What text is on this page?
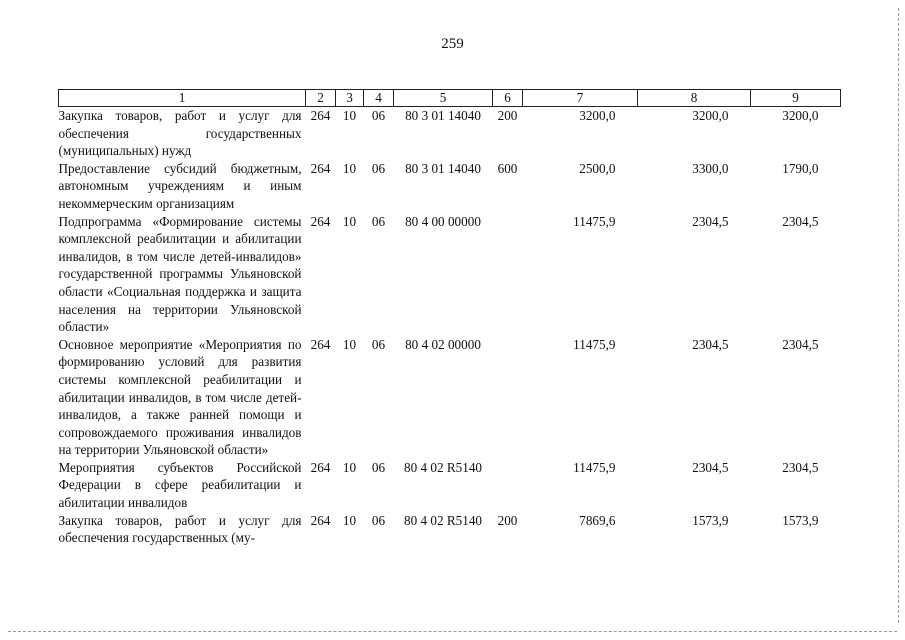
259
1	2	3	4	5	6	7	8	9
Закупка товаров, работ и услуг для обеспечения государственных (муниципальных) нужд	264	10	06	80 3 01 14040	200	3200,0	3200,0	3200,0
Предоставление субсидий бюджетным, автономным учреждениям и иным некоммерческим организациям	264	10	06	80 3 01 14040	600	2500,0	3300,0	1790,0
Подпрограмма «Формирование системы комплексной реабилитации и абилитации инвалидов, в том числе детей-инвалидов» государственной программы Ульяновской области «Социальная поддержка и защита населения на территории Ульяновской области»	264	10	06	80 4 00 00000		11475,9	2304,5	2304,5
Основное мероприятие «Мероприятия по формированию условий для развития системы комплексной реабилитации и абилитации инвалидов, в том числе детей-инвалидов, а также ранней помощи и сопровождаемого проживания инвалидов на территории Ульяновской области»	264	10	06	80 4 02 00000		11475,9	2304,5	2304,5
Мероприятия субъектов Российской Федерации в сфере реабилитации и абилитации инвалидов	264	10	06	80 4 02 R5140		11475,9	2304,5	2304,5
Закупка товаров, работ и услуг для обеспечения государственных (му-	264	10	06	80 4 02 R5140	200	7869,6	1573,9	1573,9
